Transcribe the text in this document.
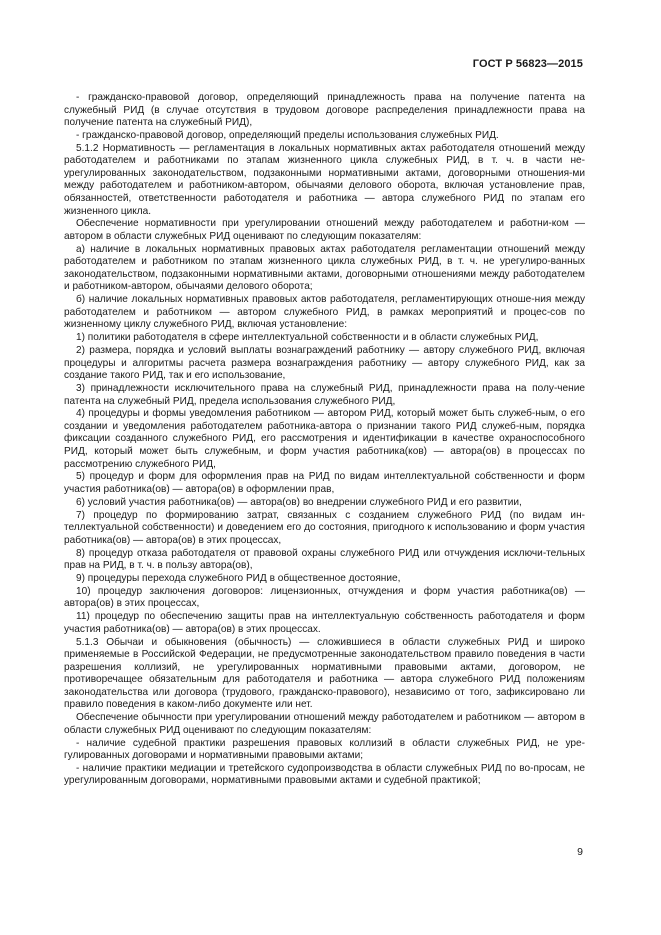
ГОСТ Р 56823—2015

- гражданско-правовой договор, определяющий принадлежность права на получение патента на служебный РИД (в случае отсутствия в трудовом договоре распределения принадлежности права на получение патента на служебный РИД),

- гражданско-правовой договор, определяющий пределы использования служебных РИД.

5.1.2 Нормативность — регламентация в локальных нормативных актах работодателя отношений между работодателем и работниками по этапам жизненного цикла служебных РИД, в т. ч. в части не-урегулированных законодательством, подзаконными нормативными актами, договорными отношения-ми между работодателем и работником-автором, обычаями делового оборота, включая установление прав, обязанностей, ответственности работодателя и работника — автора служебного РИД по этапам его жизненного цикла.

Обеспечение нормативности при урегулировании отношений между работодателем и работни-ком — автором в области служебных РИД оценивают по следующим показателям:

а) наличие в локальных нормативных правовых актах работодателя регламентации отношений между работодателем и работником по этапам жизненного цикла служебных РИД, в т. ч. не урегулиро-ванных законодательством, подзаконными нормативными актами, договорными отношениями между работодателем и работником-автором, обычаями делового оборота;

б) наличие локальных нормативных правовых актов работодателя, регламентирующих отноше-ния между работодателем и работником — автором служебного РИД, в рамках мероприятий и процес-сов по жизненному циклу служебного РИД, включая установление:

1) политики работодателя в сфере интеллектуальной собственности и в области служебных РИД,

2) размера, порядка и условий выплаты вознаграждений работнику — автору служебного РИД, включая процедуры и алгоритмы расчета размера вознаграждения работнику — автору служебного РИД, как за создание такого РИД, так и его использование,

3) принадлежности исключительного права на служебный РИД, принадлежности права на полу-чение патента на служебный РИД, предела использования служебного РИД,

4) процедуры и формы уведомления работником — автором РИД, который может быть служеб-ным, о его создании и уведомления работодателем работника-автора о признании такого РИД служеб-ным, порядка фиксации созданного служебного РИД, его рассмотрения и идентификации в качестве охраноспособного РИД, который может быть служебным, и форм участия работника(ков) — автора(ов) в процессах по рассмотрению служебного РИД,

5) процедур и форм для оформления прав на РИД по видам интеллектуальной собственности и форм участия работника(ов) — автора(ов) в оформлении прав,

6) условий участия работника(ов) — автора(ов) во внедрении служебного РИД и его развитии,

7) процедур по формированию затрат, связанных с созданием служебного РИД (по видам ин-теллектуальной собственности) и доведением его до состояния, пригодного к использованию и форм участия работника(ов) — автора(ов) в этих процессах,

8) процедур отказа работодателя от правовой охраны служебного РИД или отчуждения исключи-тельных прав на РИД, в т. ч. в пользу автора(ов),

9) процедуры перехода служебного РИД в общественное достояние,

10) процедур заключения договоров: лицензионных, отчуждения и форм участия работника(ов) — автора(ов) в этих процессах,

11) процедур по обеспечению защиты прав на интеллектуальную собственность работодателя и форм участия работника(ов) — автора(ов) в этих процессах.

5.1.3 Обычаи и обыкновения (обычность) — сложившиеся в области служебных РИД и широко применяемые в Российской Федерации, не предусмотренные законодательством правило поведения в части разрешения коллизий, не урегулированных нормативными правовыми актами, договором, не противоречащее обязательным для работодателя и работника — автора служебного РИД положениям законодательства или договора (трудового, гражданско-правового), независимо от того, зафиксировано ли правило поведения в каком-либо документе или нет.

Обеспечение обычности при урегулировании отношений между работодателем и работником — автором в области служебных РИД оценивают по следующим показателям:

- наличие судебной практики разрешения правовых коллизий в области служебных РИД, не уре-гулированных договорами и нормативными правовыми актами;

- наличие практики медиации и третейского судопроизводства в области служебных РИД по во-просам, не урегулированным договорами, нормативными правовыми актами и судебной практикой;

9
